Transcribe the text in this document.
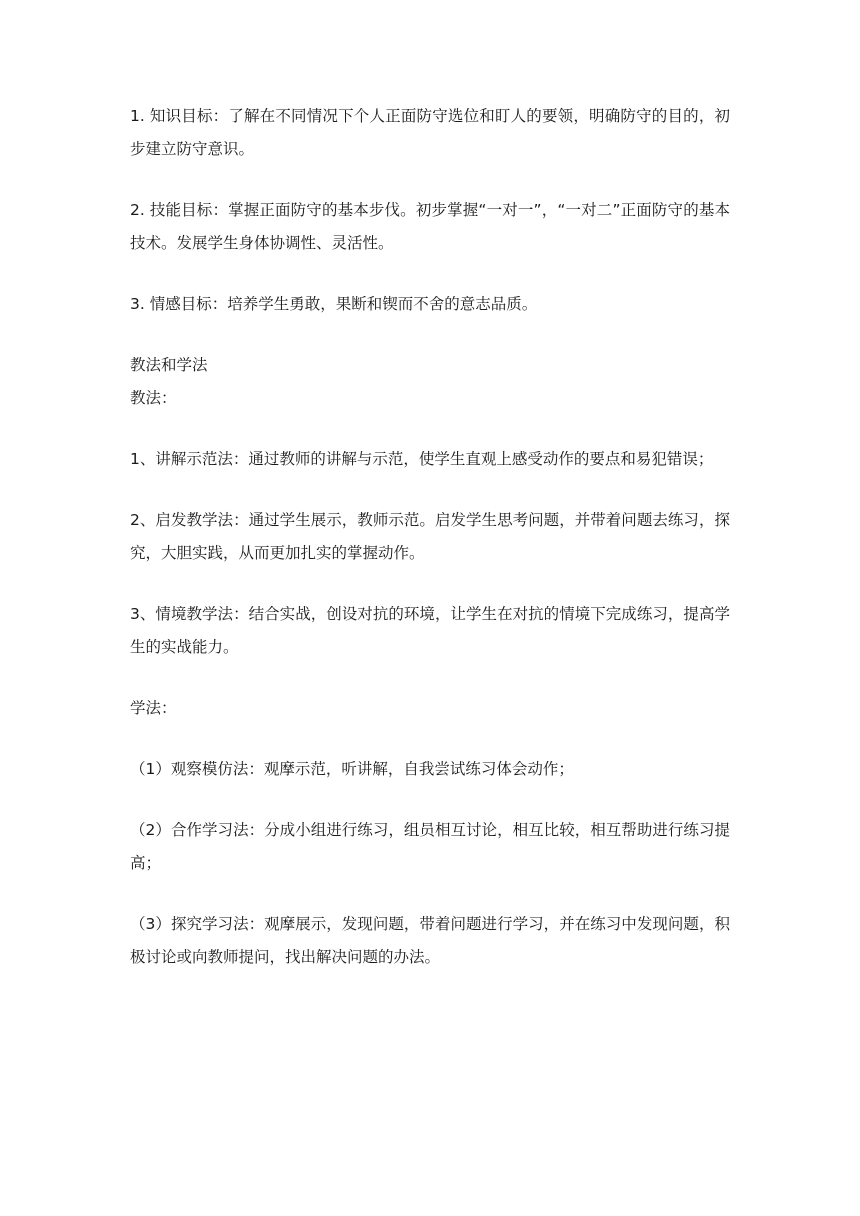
1. 知识目标：了解在不同情况下个人正面防守选位和盯人的要领，明确防守的目的，初步建立防守意识。

2. 技能目标：掌握正面防守的基本步伐。初步掌握“一对一”，“一对二”正面防守的基本技术。发展学生身体协调性、灵活性。

3. 情感目标：培养学生勇敢，果断和锲而不舍的意志品质。

教法和学法

教法：

1、讲解示范法：通过教师的讲解与示范，使学生直观上感受动作的要点和易犯错误；

2、启发教学法：通过学生展示，教师示范。启发学生思考问题，并带着问题去练习，探究，大胆实践，从而更加扎实的掌握动作。

3、情境教学法：结合实战，创设对抗的环境，让学生在对抗的情境下完成练习，提高学生的实战能力。

学法：

（1）观察模仿法：观摩示范，听讲解，自我尝试练习体会动作；

（2）合作学习法：分成小组进行练习，组员相互讨论，相互比较，相互帮助进行练习提高；

（3）探究学习法：观摩展示，发现问题，带着问题进行学习，并在练习中发现问题，积极讨论或向教师提问，找出解决问题的办法。
